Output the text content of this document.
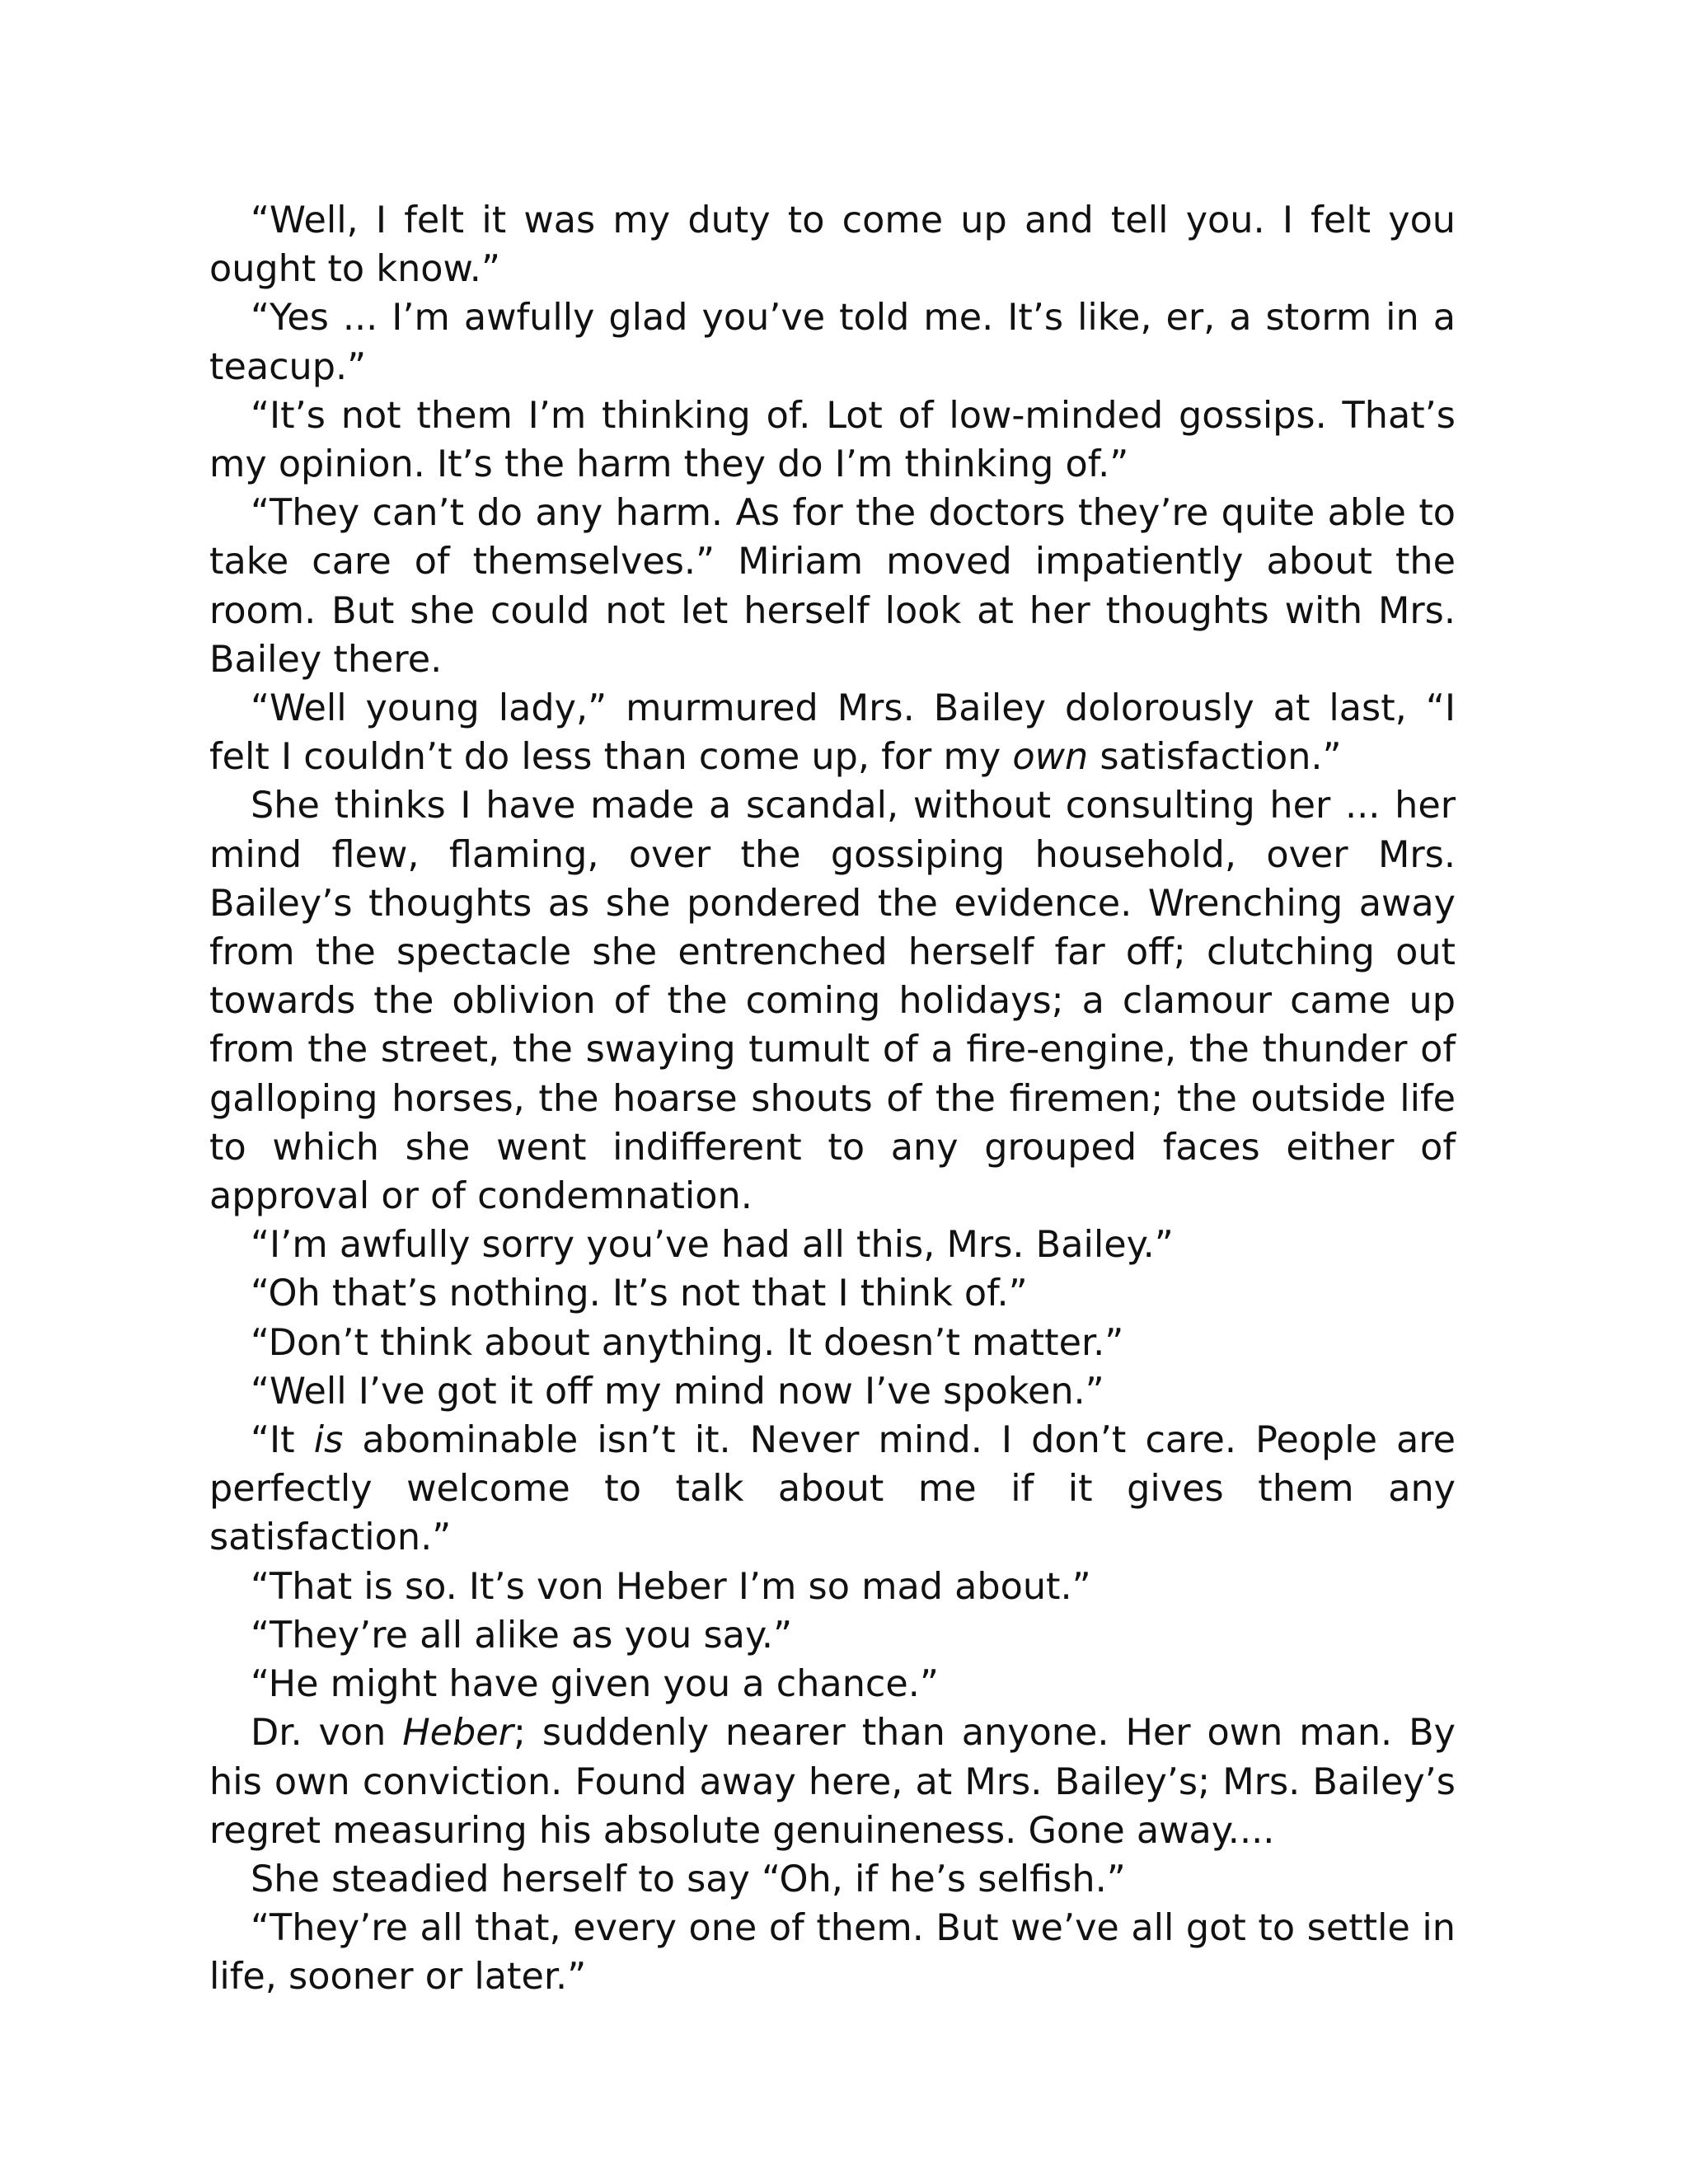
“Well, I felt it was my duty to come up and tell you. I felt you ought to know.”

“Yes ... I’m awfully glad you’ve told me. It’s like, er, a storm in a teacup.”

“It’s not them I’m thinking of. Lot of low-minded gossips. That’s my opinion. It’s the harm they do I’m thinking of.”

“They can’t do any harm. As for the doctors they’re quite able to take care of themselves.” Miriam moved impatiently about the room. But she could not let herself look at her thoughts with Mrs. Bailey there.

“Well young lady,” murmured Mrs. Bailey dolorously at last, “I felt I couldn’t do less than come up, for my own satisfaction.”

She thinks I have made a scandal, without consulting her ... her mind flew, flaming, over the gossiping household, over Mrs. Bailey’s thoughts as she pondered the evidence. Wrenching away from the spectacle she entrenched herself far off; clutching out towards the oblivion of the coming holidays; a clamour came up from the street, the swaying tumult of a fire-engine, the thunder of galloping horses, the hoarse shouts of the firemen; the outside life to which she went indifferent to any grouped faces either of approval or of condemnation.

“I’m awfully sorry you’ve had all this, Mrs. Bailey.”

“Oh that’s nothing. It’s not that I think of.”

“Don’t think about anything. It doesn’t matter.”

“Well I’ve got it off my mind now I’ve spoken.”

“It is abominable isn’t it. Never mind. I don’t care. People are perfectly welcome to talk about me if it gives them any satisfaction.”

“That is so. It’s von Heber I’m so mad about.”

“They’re all alike as you say.”

“He might have given you a chance.”

Dr. von Heber; suddenly nearer than anyone. Her own man. By his own conviction. Found away here, at Mrs. Bailey’s; Mrs. Bailey’s regret measuring his absolute genuineness. Gone away....

She steadied herself to say “Oh, if he’s selfish.”

“They’re all that, every one of them. But we’ve all got to settle in life, sooner or later.”
